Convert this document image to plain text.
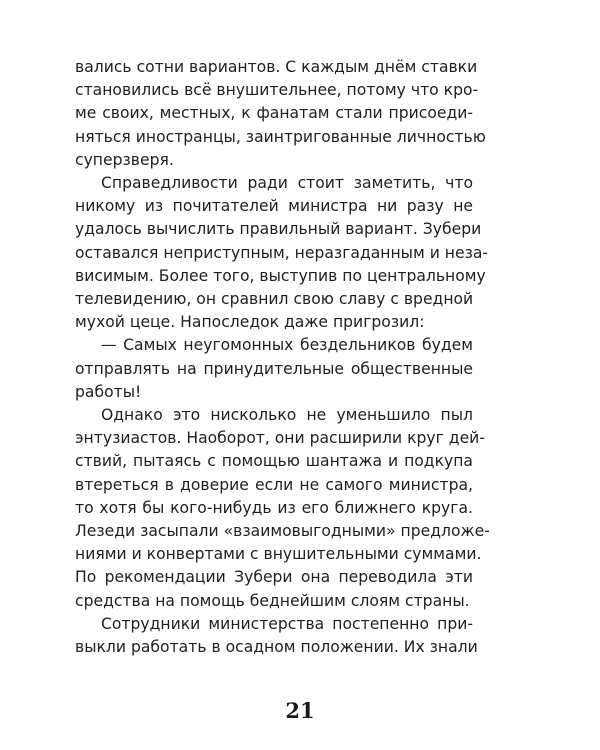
вались сотни вариантов. С каждым днём ставки
становились всё внушительнее, потому что кро-
ме своих, местных, к фанатам стали присоеди-
няться иностранцы, заинтригованные личностью
суперзверя.
Справедливости ради стоит заметить, что
никому из почитателей министра ни разу не
удалось вычислить правильный вариант. Зубери
оставался неприступным, неразгаданным и неза-
висимым. Более того, выступив по центральному
телевидению, он сравнил свою славу с вредной
мухой цеце. Напоследок даже пригрозил:
— Самых неугомонных бездельников будем
отправлять на принудительные общественные
работы!
Однако это нисколько не уменьшило пыл
энтузиастов. Наоборот, они расширили круг дей-
ствий, пытаясь с помощью шантажа и подкупа
втереться в доверие если не самого министра,
то хотя бы кого-нибудь из его ближнего круга.
Лезеди засыпали «взаимовыгодными» предложе-
ниями и конвертами с внушительными суммами.
По рекомендации Зубери она переводила эти
средства на помощь беднейшим слоям страны.
Сотрудники министерства постепенно при-
выкли работать в осадном положении. Их знали
21
